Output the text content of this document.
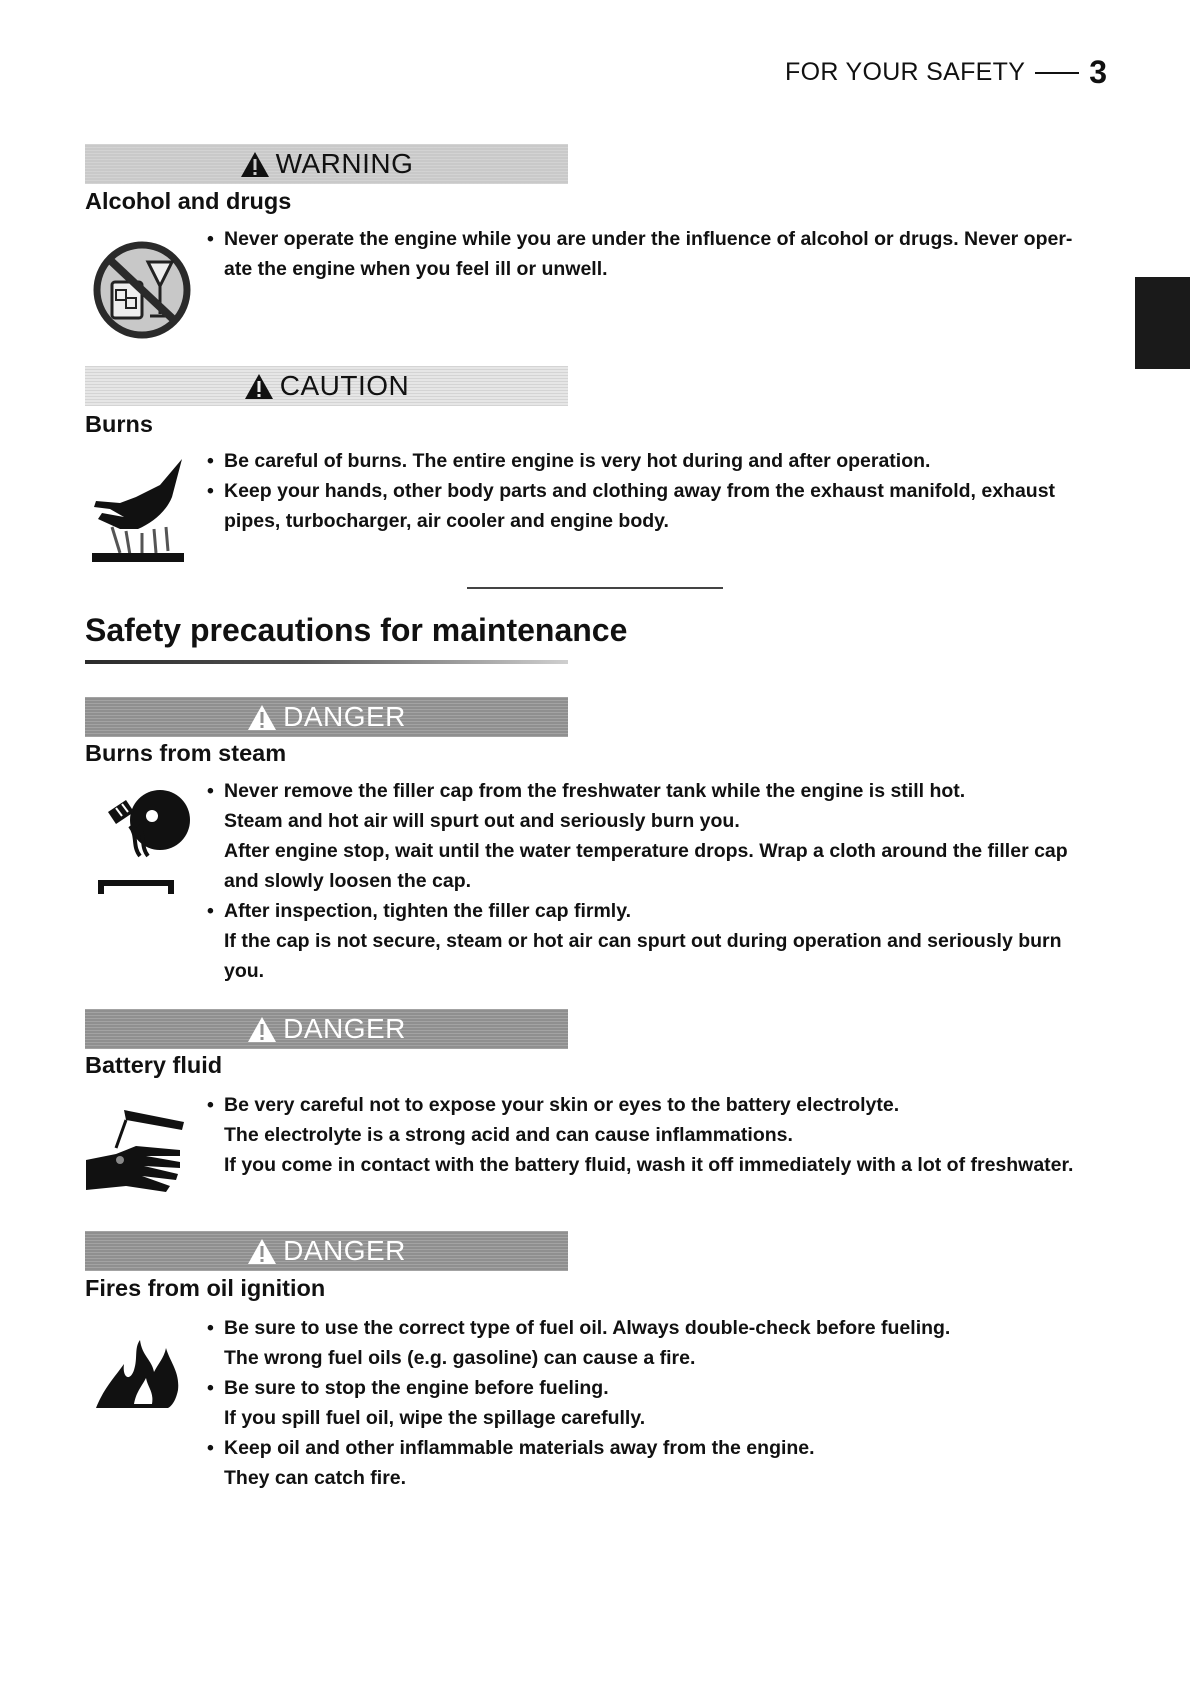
FOR YOUR SAFETY 3
WARNING
Alcohol and drugs
• Never operate the engine while you are under the influence of alcohol or drugs. Never oper-
ate the engine when you feel ill or unwell.
CAUTION
Burns
• Be careful of burns. The entire engine is very hot during and after operation.
• Keep your hands, other body parts and clothing away from the exhaust manifold, exhaust
pipes, turbocharger, air cooler and engine body.
Safety precautions for maintenance
DANGER
Burns from steam
• Never remove the filler cap from the freshwater tank while the engine is still hot.
Steam and hot air will spurt out and seriously burn you.
After engine stop, wait until the water temperature drops. Wrap a cloth around the filler cap
and slowly loosen the cap.
• After inspection, tighten the filler cap firmly.
If the cap is not secure, steam or hot air can spurt out during operation and seriously burn
you.
DANGER
Battery fluid
• Be very careful not to expose your skin or eyes to the battery electrolyte.
The electrolyte is a strong acid and can cause inflammations.
If you come in contact with the battery fluid, wash it off immediately with a lot of freshwater.
DANGER
Fires from oil ignition
• Be sure to use the correct type of fuel oil. Always double-check before fueling.
The wrong fuel oils (e.g. gasoline) can cause a fire.
• Be sure to stop the engine before fueling.
If you spill fuel oil, wipe the spillage carefully.
• Keep oil and other inflammable materials away from the engine.
They can catch fire.
